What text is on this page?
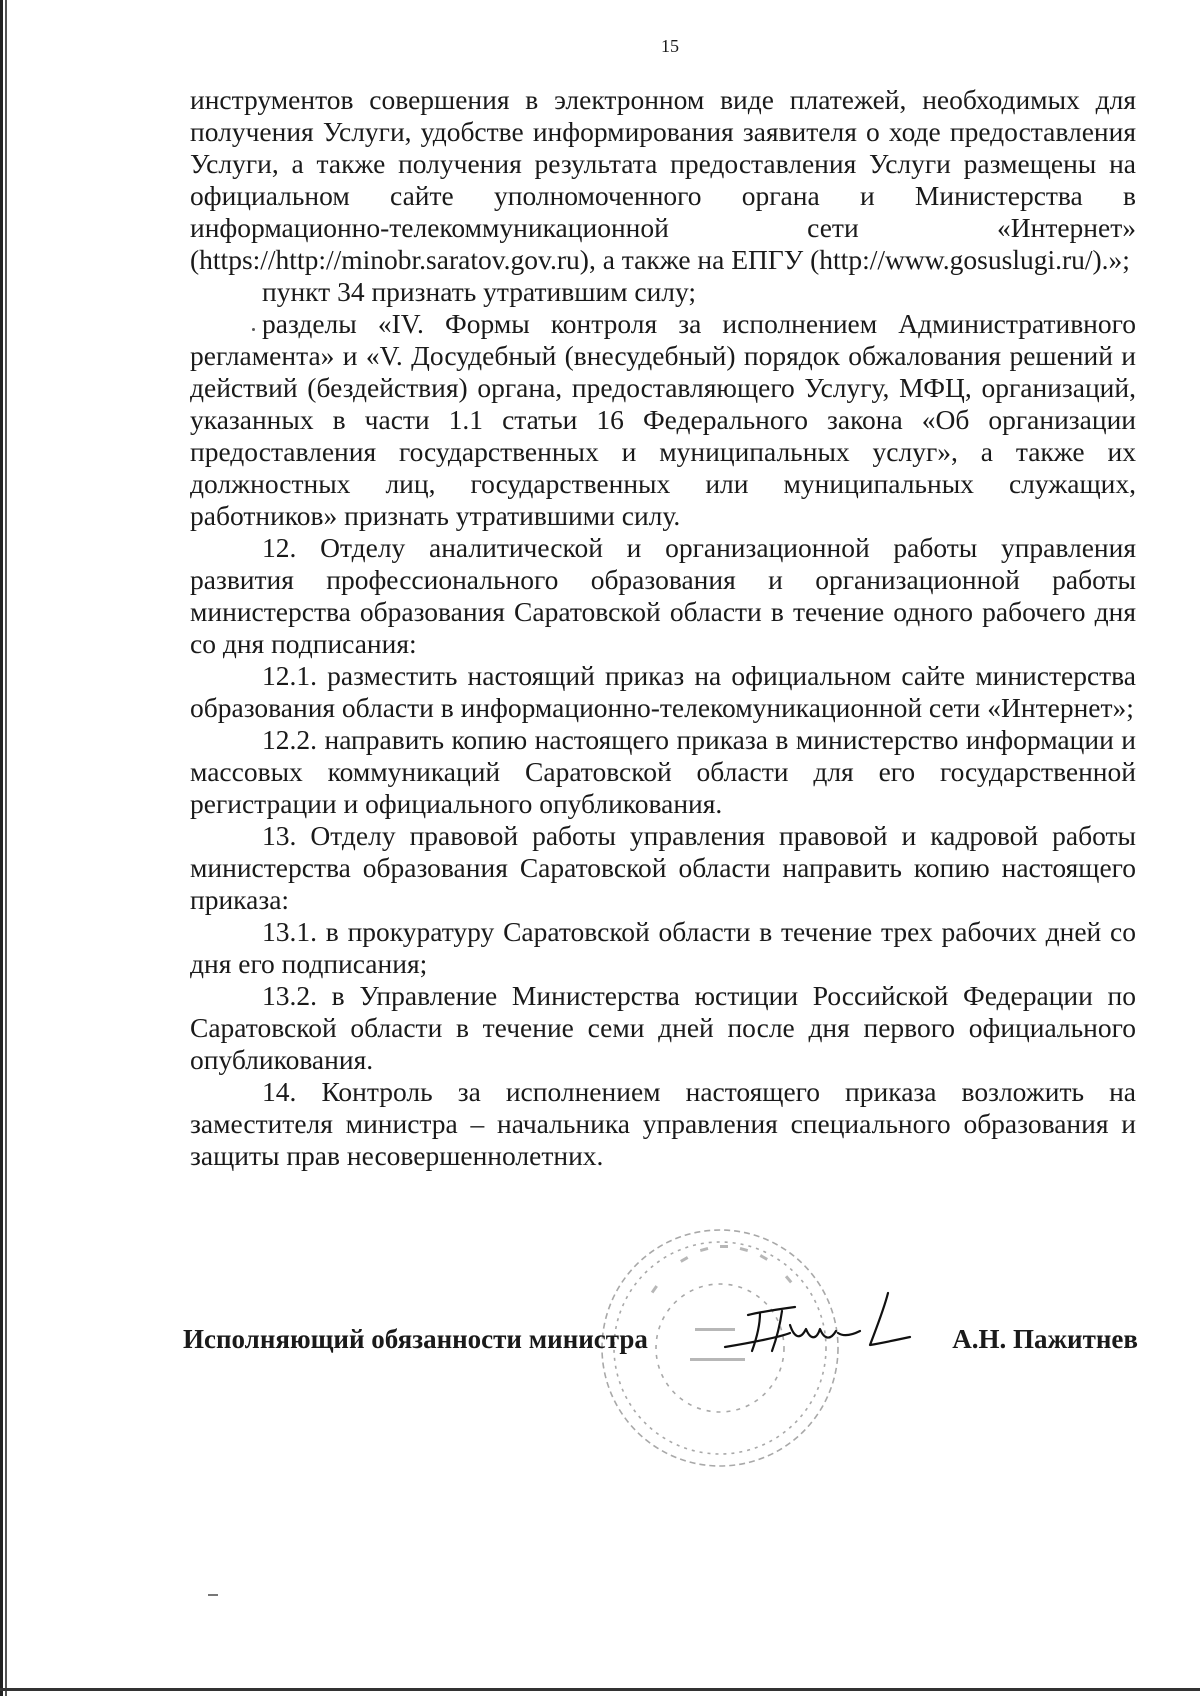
15

инструментов совершения в электронном виде платежей, необходимых для получения Услуги, удобстве информирования заявителя о ходе предоставления Услуги, а также получения результата предоставления Услуги размещены на официальном сайте уполномоченного органа и Министерства в информационно-телекоммуникационной сети «Интернет» (https://http://minobr.saratov.gov.ru), а также на ЕПГУ (http://www.gosuslugi.ru/).»;

пункт 34 признать утратившим силу;

разделы «IV. Формы контроля за исполнением Административного регламента» и «V. Досудебный (внесудебный) порядок обжалования решений и действий (бездействия) органа, предоставляющего Услугу, МФЦ, организаций, указанных в части 1.1 статьи 16 Федерального закона «Об организации предоставления государственных и муниципальных услуг», а также их должностных лиц, государственных или муниципальных служащих, работников» признать утратившими силу.

12. Отделу аналитической и организационной работы управления развития профессионального образования и организационной работы министерства образования Саратовской области в течение одного рабочего дня со дня подписания:

12.1. разместить настоящий приказ на официальном сайте министерства образования области в информационно-телекомуникационной сети «Интернет»;

12.2. направить копию настоящего приказа в министерство информации и массовых коммуникаций Саратовской области для его государственной регистрации и официального опубликования.

13. Отделу правовой работы управления правовой и кадровой работы министерства образования Саратовской области направить копию настоящего приказа:

13.1. в прокуратуру Саратовской области в течение трех рабочих дней со дня его подписания;

13.2. в Управление Министерства юстиции Российской Федерации по Саратовской области в течение семи дней после дня первого официального опубликования.

14. Контроль за исполнением настоящего приказа возложить на заместителя министра – начальника управления специального образования и защиты прав несовершеннолетних.

Исполняющий обязанности министра	А.Н. Пажитнев
